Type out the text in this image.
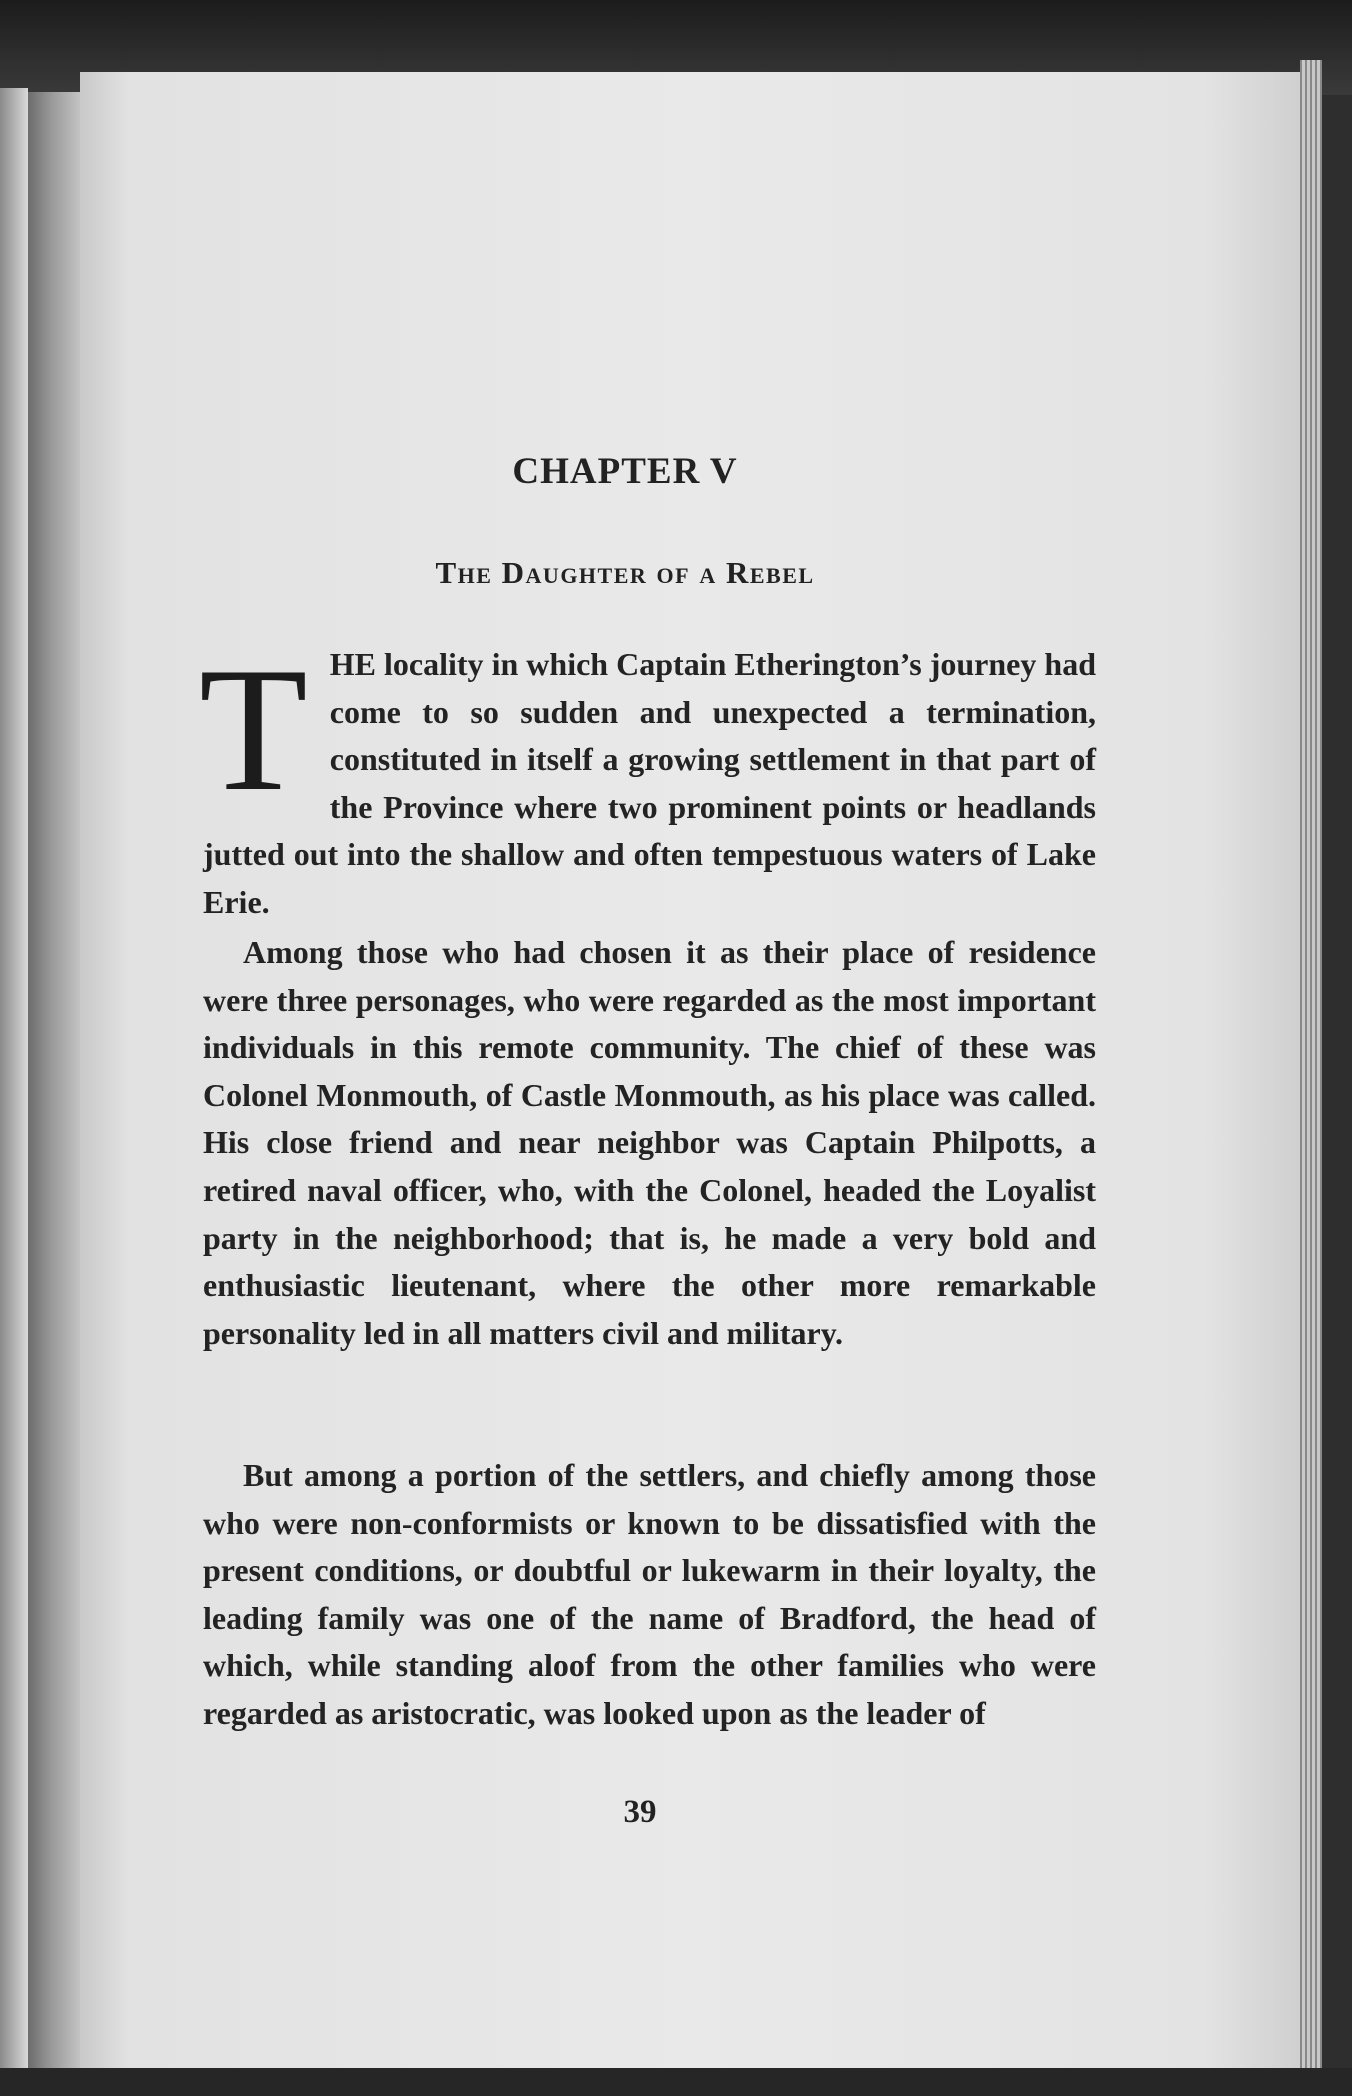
CHAPTER V
The Daughter of a Rebel
T HE locality in which Captain Etherington’s journey had come to so sudden and unexpected a termination, constituted in itself a growing settlement in that part of the Province where two prominent points or headlands jutted out into the shallow and often tempestuous waters of Lake Erie.

Among those who had chosen it as their place of residence were three personages, who were regarded as the most important individuals in this remote community. The chief of these was Colonel Monmouth, of Castle Monmouth, as his place was called. His close friend and near neighbor was Captain Philpotts, a retired naval officer, who, with the Colonel, headed the Loyalist party in the neighborhood; that is, he made a very bold and enthusiastic lieutenant, where the other more remarkable personality led in all matters civil and military.

But among a portion of the settlers, and chiefly among those who were non-conformists or known to be dissatisfied with the present conditions, or doubtful or lukewarm in their loyalty, the leading family was one of the name of Bradford, the head of which, while standing aloof from the other families who were regarded as aristocratic, was looked upon as the leader of

39
